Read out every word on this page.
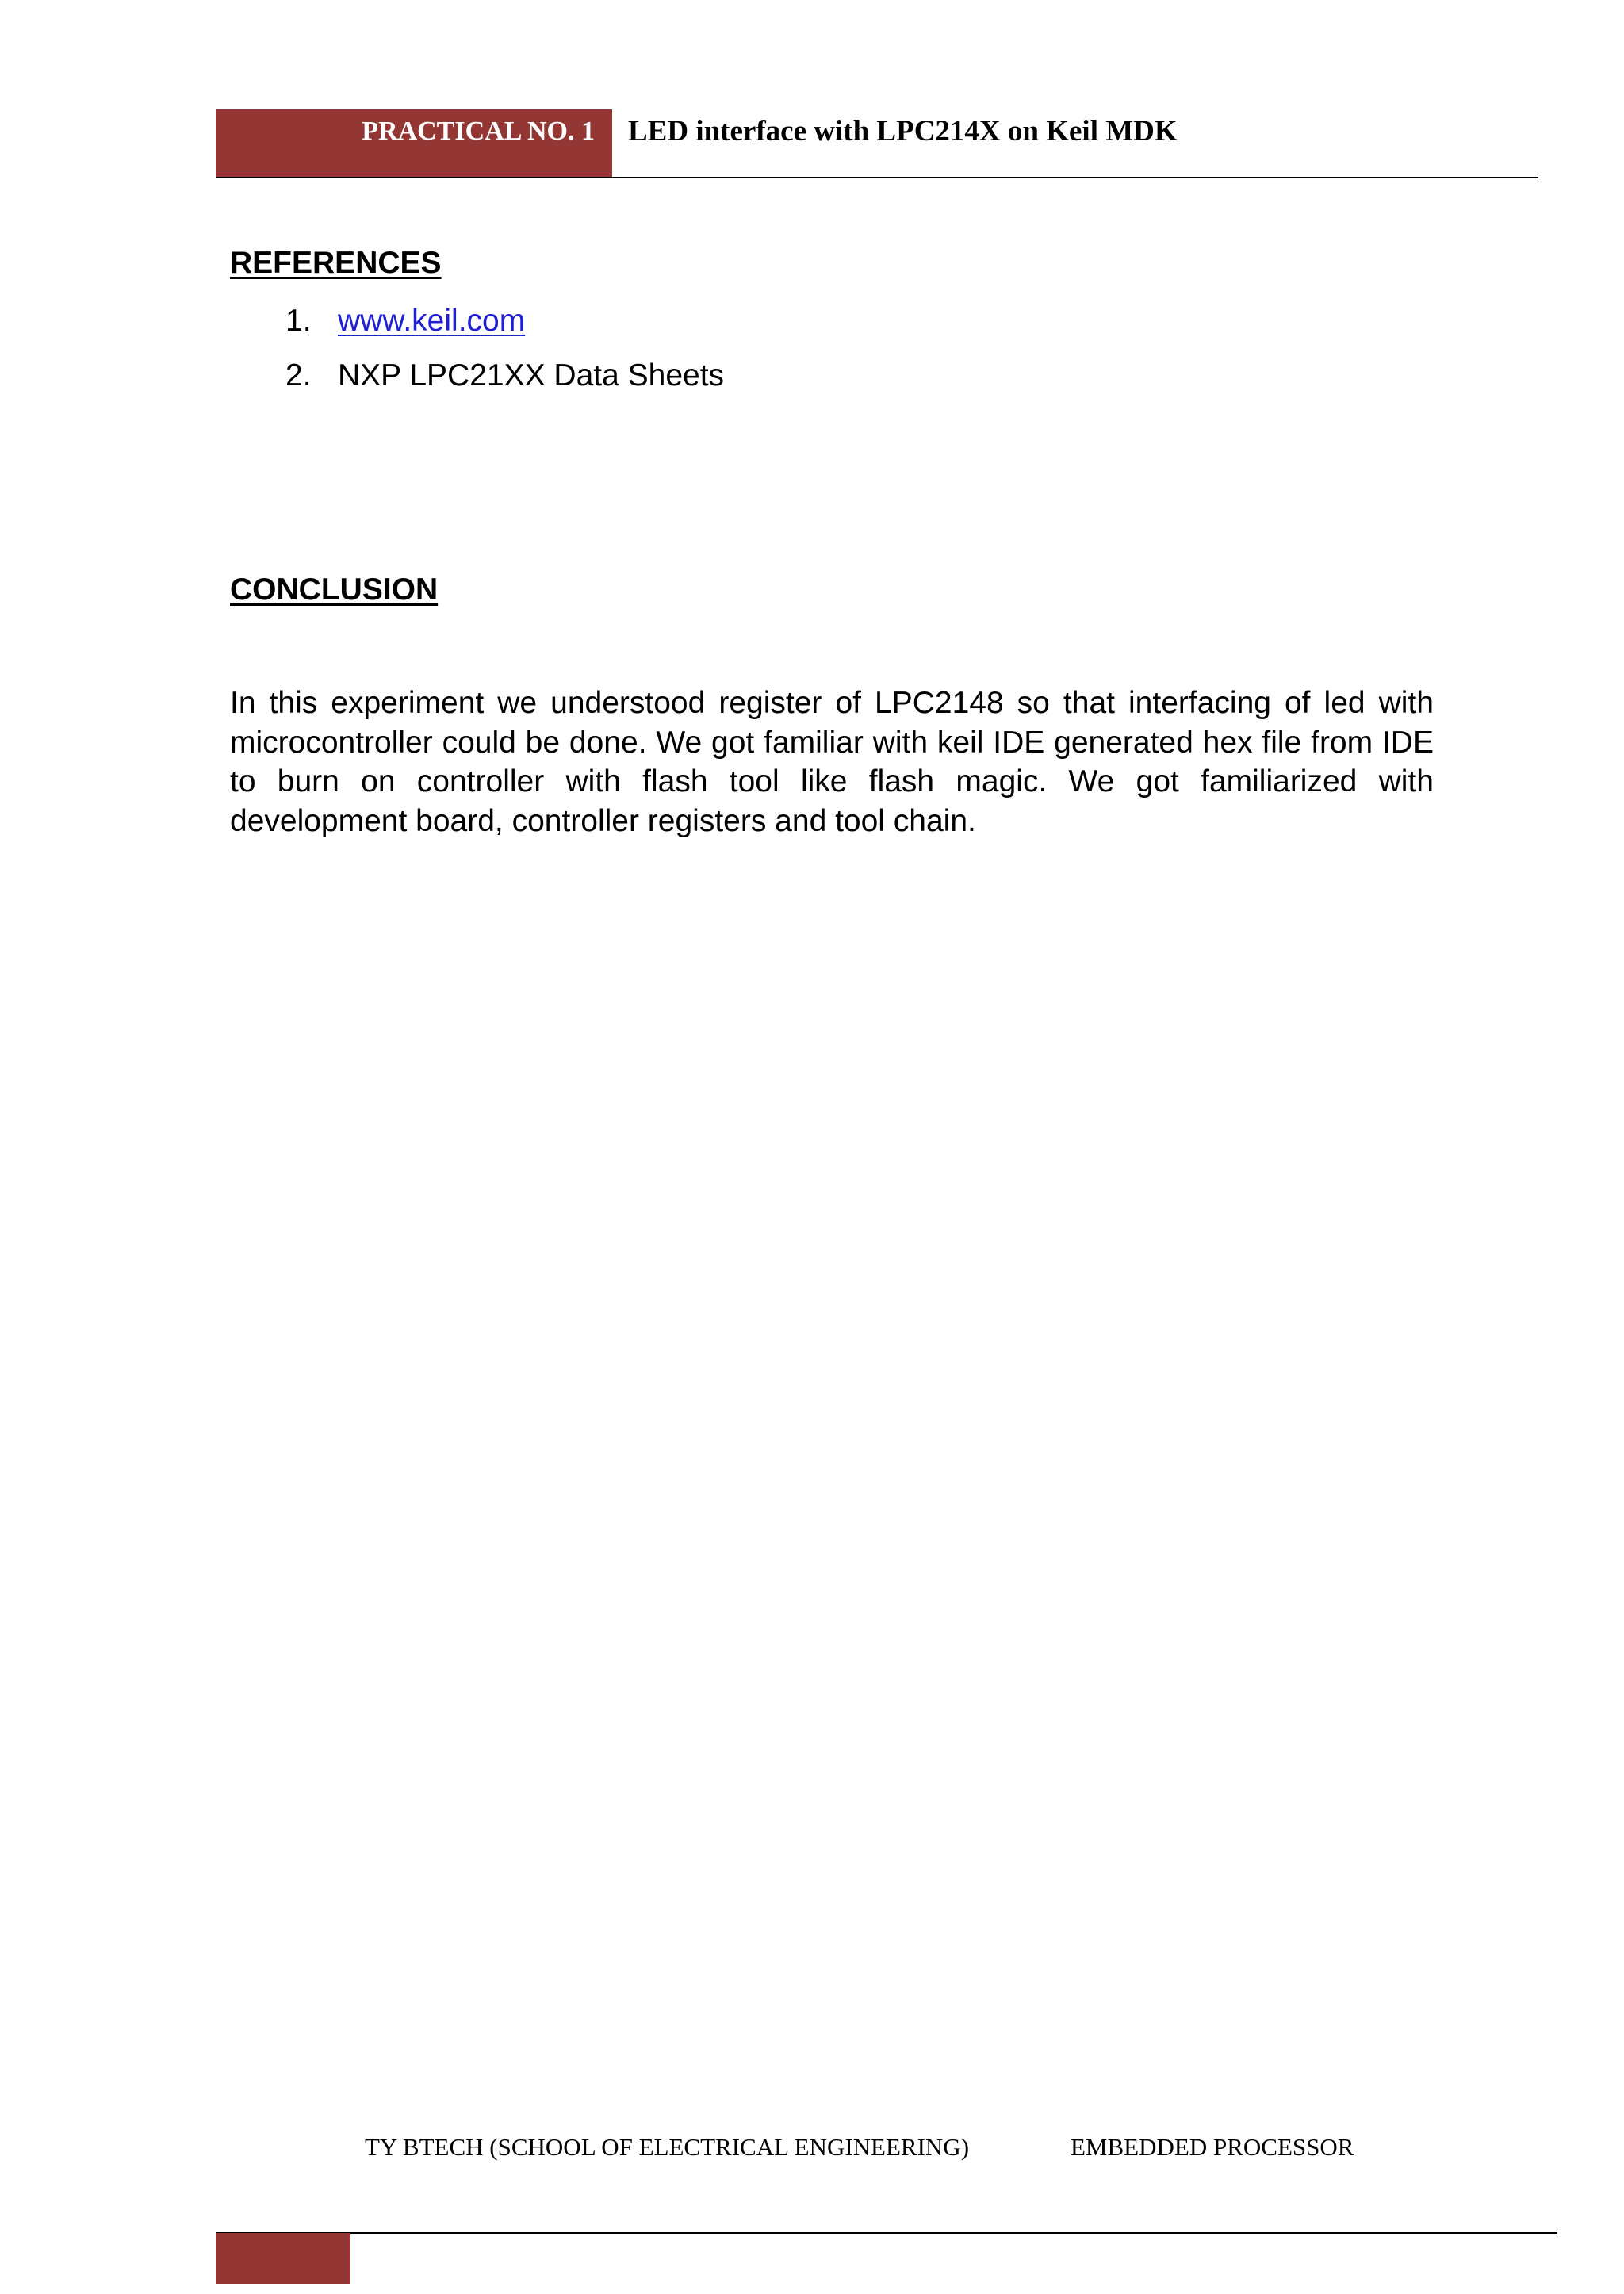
PRACTICAL NO. 1 LED interface with LPC214X on Keil MDK
REFERENCES
1. www.keil.com
2. NXP LPC21XX Data Sheets
CONCLUSION

In this experiment we understood register of LPC2148 so that interfacing of led with microcontroller could be done. We got familiar with keil IDE generated hex file from IDE to burn on controller with flash tool like flash magic. We got familiarized with development board, controller registers and tool chain.

TY BTECH (SCHOOL OF ELECTRICAL ENGINEERING)	EMBEDDED PROCESSOR
